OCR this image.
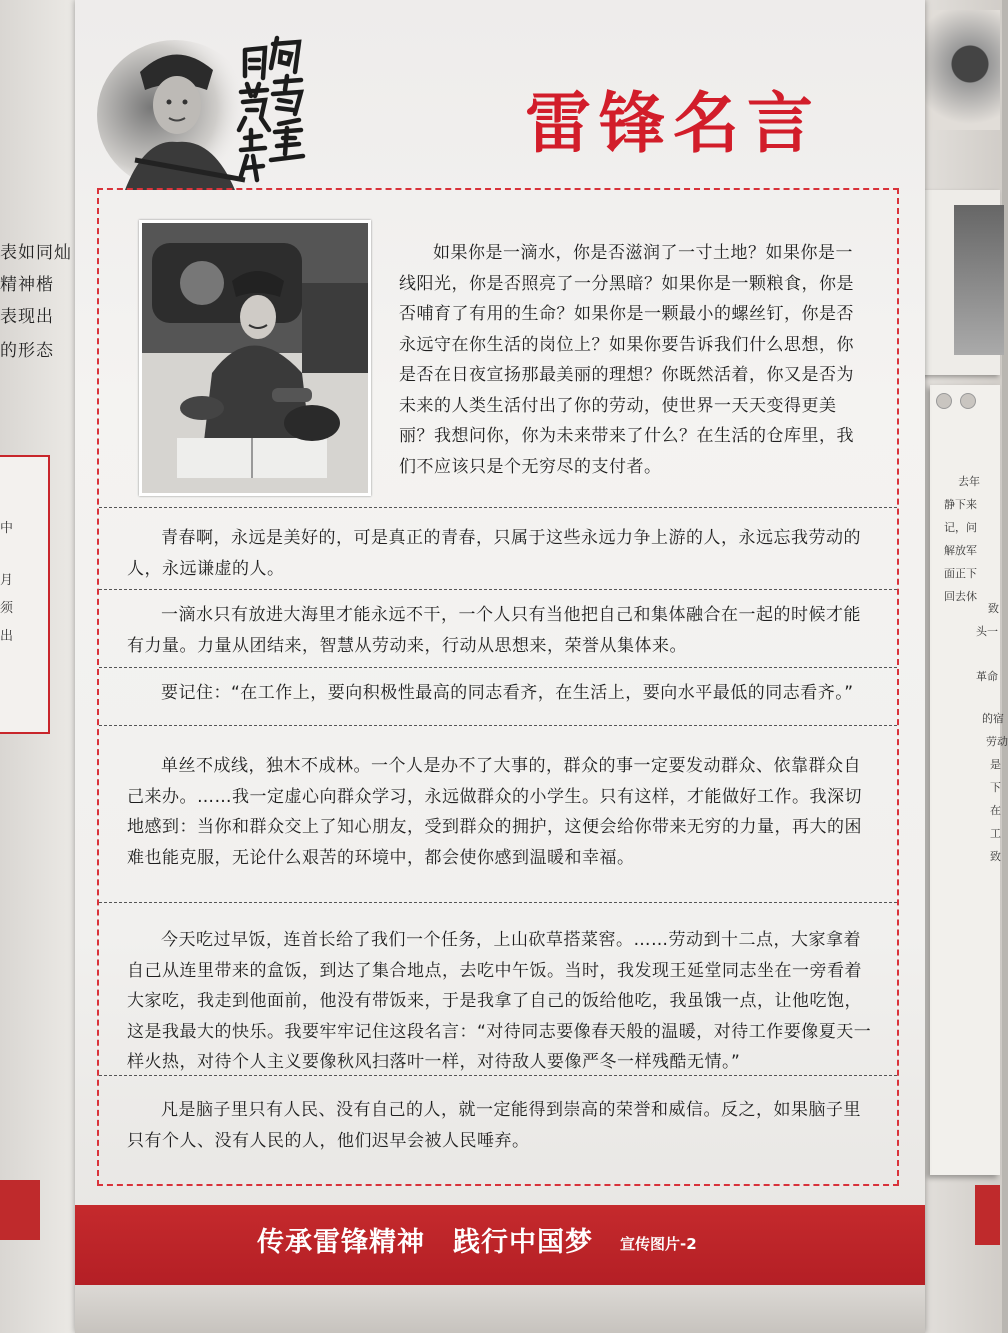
表如同灿
精神楷
表现出
的形态
中
月
须
出
去年
静下来
记，问
解放军
面正下
回去休
致
头一
革命
的宿
劳动
是
下
在
工
致
雷锋名言
如果你是一滴水，你是否滋润了一寸土地？如果你是一线阳光，你是否照亮了一分黑暗？如果你是一颗粮食，你是否哺育了有用的生命？如果你是一颗最小的螺丝钉，你是否永远守在你生活的岗位上？如果你要告诉我们什么思想，你是否在日夜宣扬那最美丽的理想？你既然活着，你又是否为未来的人类生活付出了你的劳动，使世界一天天变得更美丽？我想问你，你为未来带来了什么？在生活的仓库里，我们不应该只是个无穷尽的支付者。
青春啊，永远是美好的，可是真正的青春，只属于这些永远力争上游的人，永远忘我劳动的人，永远谦虚的人。
一滴水只有放进大海里才能永远不干，一个人只有当他把自己和集体融合在一起的时候才能有力量。力量从团结来，智慧从劳动来，行动从思想来，荣誉从集体来。
要记住：“在工作上，要向积极性最高的同志看齐，在生活上，要向水平最低的同志看齐。”
单丝不成线，独木不成林。一个人是办不了大事的，群众的事一定要发动群众、依靠群众自己来办。……我一定虚心向群众学习，永远做群众的小学生。只有这样，才能做好工作。我深切地感到：当你和群众交上了知心朋友，受到群众的拥护，这便会给你带来无穷的力量，再大的困难也能克服，无论什么艰苦的环境中，都会使你感到温暖和幸福。
今天吃过早饭，连首长给了我们一个任务，上山砍草搭菜窖。……劳动到十二点，大家拿着自己从连里带来的盒饭，到达了集合地点，去吃中午饭。当时，我发现王延堂同志坐在一旁看着大家吃，我走到他面前，他没有带饭来，于是我拿了自己的饭给他吃，我虽饿一点，让他吃饱，这是我最大的快乐。我要牢牢记住这段名言：“对待同志要像春天般的温暖，对待工作要像夏天一样火热，对待个人主义要像秋风扫落叶一样，对待敌人要像严冬一样残酷无情。”
凡是脑子里只有人民、没有自己的人，就一定能得到崇高的荣誉和威信。反之，如果脑子里只有个人、没有人民的人，他们迟早会被人民唾弃。
传承雷锋精神　践行中国梦 宣传图片-2
